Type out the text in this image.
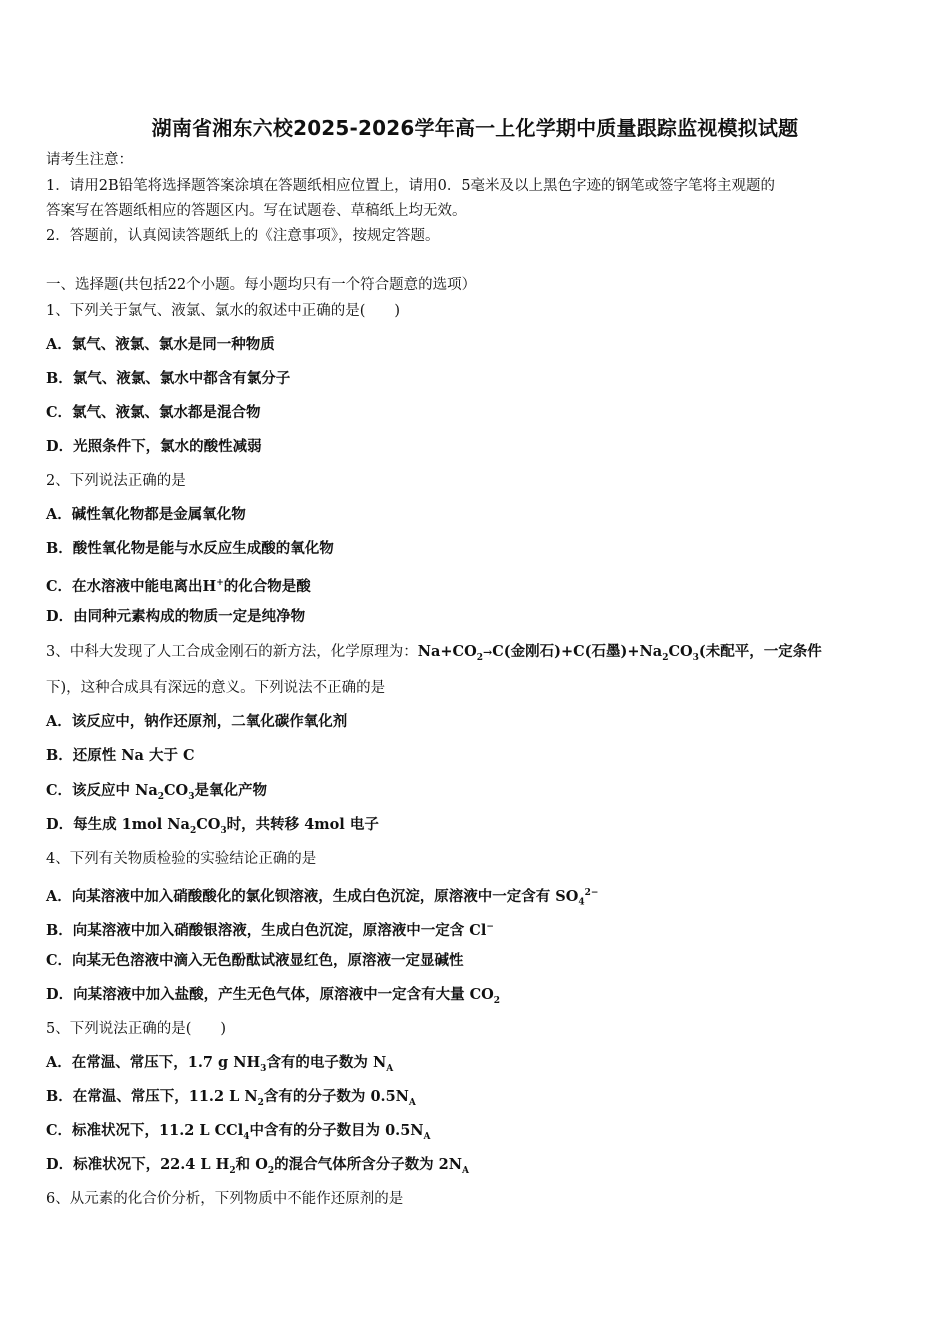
湖南省湘东六校2025-2026学年高一上化学期中质量跟踪监视模拟试题
请考生注意：
1．请用2B铅笔将选择题答案涂填在答题纸相应位置上，请用0．5毫米及以上黑色字迹的钢笔或签字笔将主观题的
答案写在答题纸相应的答题区内。写在试题卷、草稿纸上均无效。
2．答题前，认真阅读答题纸上的《注意事项》，按规定答题。
一、选择题(共包括22个小题。每小题均只有一个符合题意的选项）
1、下列关于氯气、液氯、氯水的叙述中正确的是(　　)
A．氯气、液氯、氯水是同一种物质
B．氯气、液氯、氯水中都含有氯分子
C．氯气、液氯、氯水都是混合物
D．光照条件下，氯水的酸性减弱
2、下列说法正确的是
A．碱性氧化物都是金属氧化物
B．酸性氧化物是能与水反应生成酸的氧化物
C．在水溶液中能电离出H+的化合物是酸
D．由同种元素构成的物质一定是纯净物
3、中科大发现了人工合成金刚石的新方法，化学原理为：$Na+CO_2\to C$(金刚石)+C(石墨)$+Na_2CO_3$(未配平，一定条件
下)，这种合成具有深远的意义。下列说法不正确的是
A．该反应中，钠作还原剂，二氧化碳作氧化剂
B．还原性 Na 大于 C
C．该反应中 $Na_2CO_3$是氧化产物
D．每生成 1mol $Na_2CO_3$时，共转移 4mol 电子
4、下列有关物质检验的实验结论正确的是
A．向某溶液中加入硝酸酸化的氯化钡溶液，生成白色沉淀，原溶液中一定含有 $SO_4^{2-}$
B．向某溶液中加入硝酸银溶液，生成白色沉淀，原溶液中一定含 Cl−
C．向某无色溶液中滴入无色酚酞试液显红色，原溶液一定显碱性
D．向某溶液中加入盐酸，产生无色气体，原溶液中一定含有大量 $CO_2$
5、下列说法正确的是(　　)
A．在常温、常压下，1.7 g $NH_3$含有的电子数为 $N_A$
B．在常温、常压下，11.2 L $N_2$含有的分子数为 $0.5N_A$
C．标准状况下，11.2 L CCl$_4$中含有的分子数目为 $0.5N_A$
D．标准状况下，22.4 L $H_2$和 $O_2$的混合气体所含分子数为 $2N_A$
6、从元素的化合价分析，下列物质中不能作还原剂的是
